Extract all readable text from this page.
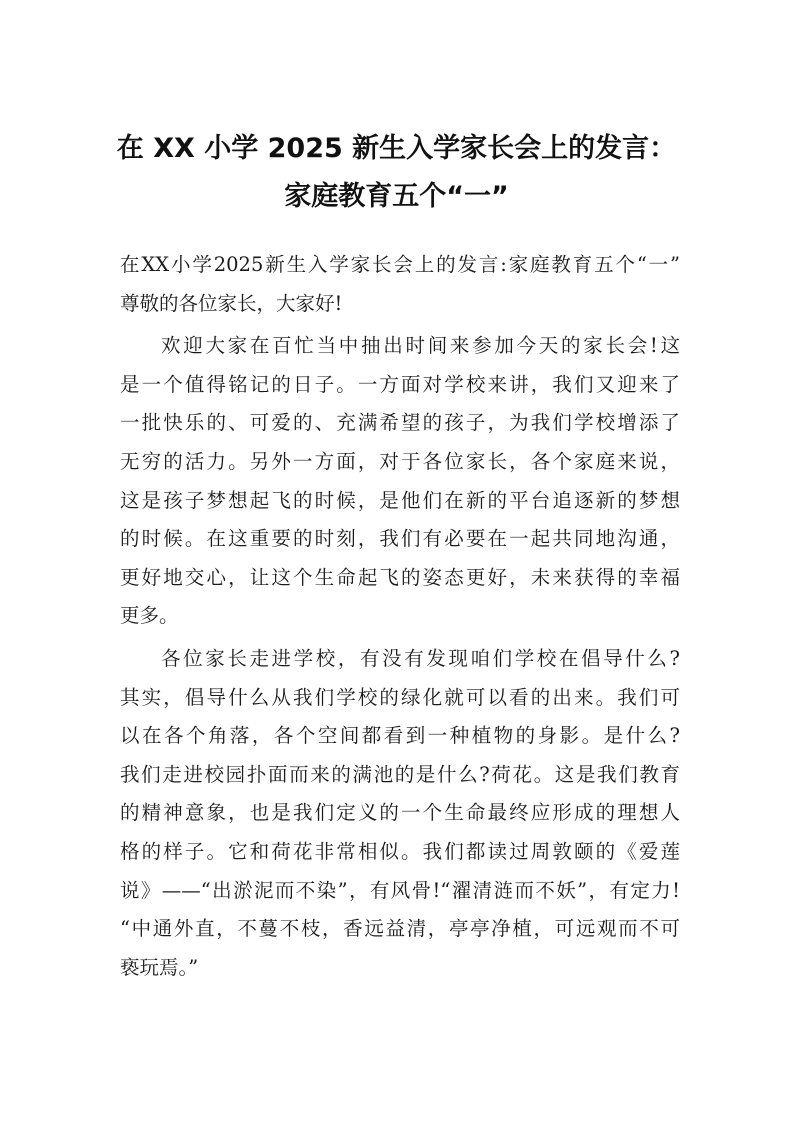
在 XX 小学 2025 新生入学家长会上的发言：
家庭教育五个“一”
在XX小学2025新生入学家长会上的发言:家庭教育五个“一”
尊敬的各位家长，大家好!
欢迎大家在百忙当中抽出时间来参加今天的家长会!这
是一个值得铭记的日子。一方面对学校来讲，我们又迎来了
一批快乐的、可爱的、充满希望的孩子，为我们学校增添了
无穷的活力。另外一方面，对于各位家长，各个家庭来说，
这是孩子梦想起飞的时候，是他们在新的平台追逐新的梦想
的时候。在这重要的时刻，我们有必要在一起共同地沟通，
更好地交心，让这个生命起飞的姿态更好，未来获得的幸福
更多。
各位家长走进学校，有没有发现咱们学校在倡导什么?
其实，倡导什么从我们学校的绿化就可以看的出来。我们可
以在各个角落，各个空间都看到一种植物的身影。是什么?
我们走进校园扑面而来的满池的是什么?荷花。这是我们教育
的精神意象，也是我们定义的一个生命最终应形成的理想人
格的样子。它和荷花非常相似。我们都读过周敦颐的《爱莲
说》——“出淤泥而不染”，有风骨!“濯清涟而不妖”，有定力!
“中通外直，不蔓不枝，香远益清，亭亭净植，可远观而不可
亵玩焉。”
